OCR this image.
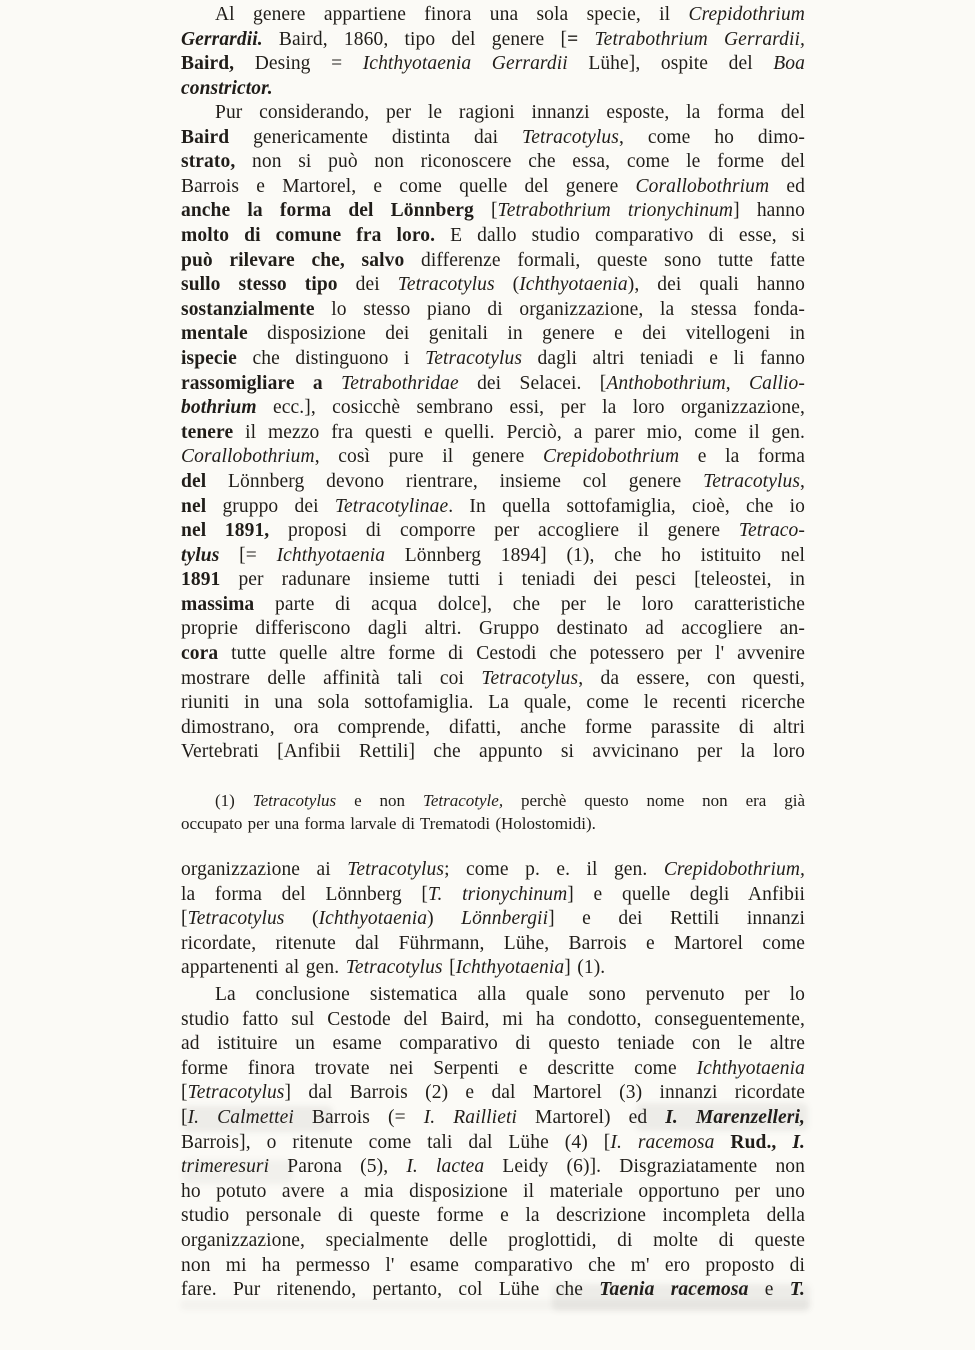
Al genere appartiene finora una sola specie, il Crepidothrium
Gerrardii. Baird, 1860, tipo del genere [= Tetrabothrium Gerrardii,
Baird, Desing = Ichthyotaenia Gerrardii Lühe], ospite del Boa
constrictor.
Pur considerando, per le ragioni innanzi esposte, la forma del
Baird genericamente distinta dai Tetracotylus, come ho dimo-
strato, non si può non riconoscere che essa, come le forme del
Barrois e Martorel, e come quelle del genere Corallobothrium ed
anche la forma del Lönnberg [Tetrabothrium trionychinum] hanno
molto di comune fra loro. E dallo studio comparativo di esse, si
può rilevare che, salvo differenze formali, queste sono tutte fatte
sullo stesso tipo dei Tetracotylus (Ichthyotaenia), dei quali hanno
sostanzialmente lo stesso piano di organizzazione, la stessa fonda-
mentale disposizione dei genitali in genere e dei vitellogeni in
ispecie che distinguono i Tetracotylus dagli altri teniadi e li fanno
rassomigliare a Tetrabothridae dei Selacei. [Anthobothrium, Callio-
bothrium ecc.], cosicchè sembrano essi, per la loro organizzazione,
tenere il mezzo fra questi e quelli. Perciò, a parer mio, come il gen.
Corallobothrium, così pure il genere Crepidobothrium e la forma
del Lönnberg devono rientrare, insieme col genere Tetracotylus,
nel gruppo dei Tetracotylinae. In quella sottofamiglia, cioè, che io
nel 1891, proposi di comporre per accogliere il genere Tetraco-
tylus [= Ichthyotaenia Lönnberg 1894] (1), che ho istituito nel
1891 per radunare insieme tutti i teniadi dei pesci [teleostei, in
massima parte di acqua dolce], che per le loro caratteristiche
proprie differiscono dagli altri. Gruppo destinato ad accogliere an-
cora tutte quelle altre forme di Cestodi che potessero per l' avvenire
mostrare delle affinità tali coi Tetracotylus, da essere, con questi,
riuniti in una sola sottofamiglia. La quale, come le recenti ricerche
dimostrano, ora comprende, difatti, anche forme parassite di altri
Vertebrati [Anfibii Rettili] che appunto si avvicinano per la loro
(1) Tetracotylus e non Tetracotyle, perchè questo nome non era già
occupato per una forma larvale di Trematodi (Holostomidi).
organizzazione ai Tetracotylus; come p. e. il gen. Crepidobothrium,
la forma del Lönnberg [T. trionychinum] e quelle degli Anfibii
[Tetracotylus (Ichthyotaenia) Lönnbergii] e dei Rettili innanzi
ricordate, ritenute dal Führmann, Lühe, Barrois e Martorel come
appartenenti al gen. Tetracotylus [Ichthyotaenia] (1).
La conclusione sistematica alla quale sono pervenuto per lo
studio fatto sul Cestode del Baird, mi ha condotto, conseguentemente,
ad istituire un esame comparativo di questo teniade con le altre
forme finora trovate nei Serpenti e descritte come Ichthyotaenia
[Tetracotylus] dal Barrois (2) e dal Martorel (3) innanzi ricordate
[I. Calmettei Barrois (= I. Raillieti Martorel) ed I. Marenzelleri,
Barrois], o ritenute come tali dal Lühe (4) [I. racemosa Rud., I.
trimeresuri Parona (5), I. lactea Leidy (6)]. Disgraziatamente non
ho potuto avere a mia disposizione il materiale opportuno per uno
studio personale di queste forme e la descrizione incompleta della
organizzazione, specialmente delle proglottidi, di molte di queste
non mi ha permesso l' esame comparativo che m' ero proposto di
fare. Pur ritenendo, pertanto, col Lühe che Taenia racemosa e T.
